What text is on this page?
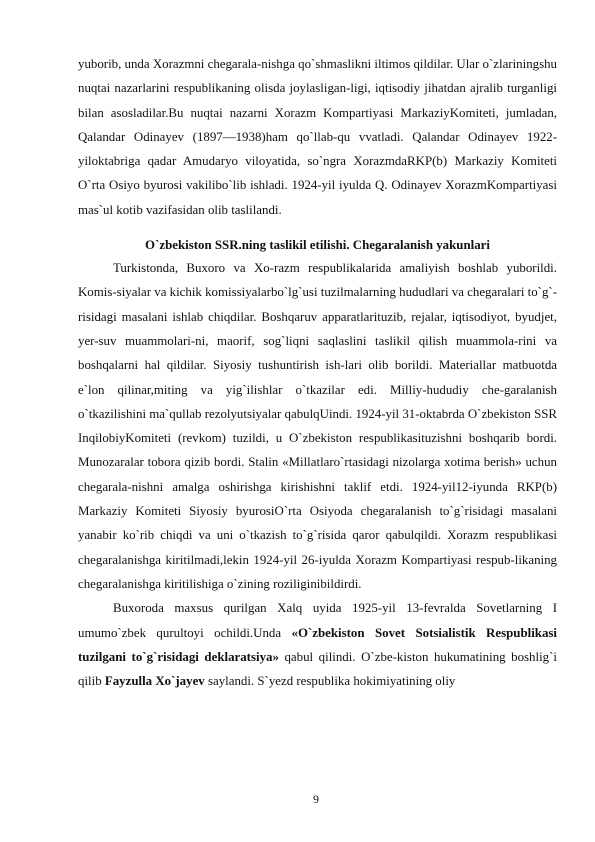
yuborib, unda Xorazmni chegarala-nishga qo`shmaslikni iltimos qildilar. Ular o`zlariningshu nuqtai nazarlarini respublikaning olisda joylasligan-ligi, iqtisodiy jihatdan ajralib turganligi bilan asosladilar.Bu nuqtai nazarni Xorazm Kompartiyasi MarkaziyKomiteti, jumladan, Qalandar Odinayev (1897—1938)ham qo`llab-qu vvatladi. Qalandar Odinayev 1922-yiloktabriga qadar Amudaryo viloyatida, so`ngra XorazmdaRKP(b) Markaziy Komiteti O`rta Osiyo byurosi vakilibo`lib ishladi. 1924-yil iyulda Q. Odinayev XorazmKompartiyasi mas`ul kotib vazifasidan olib taslilandi.

O`zbekiston SSR.ning taslikil etilishi. Chegaralanish yakunlari

Turkistonda, Buxoro va Xo-razm respublikalarida amaliyish boshlab yuborildi. Komis-siyalar va kichik komissiyalarbo`lg`usi tuzilmalarning hududlari va chegaralari to`g`-risidagi masalani ishlab chiqdilar. Boshqaruv apparatlarituzib, rejalar, iqtisodiyot, byudjet, yer-suv muammolari-ni, maorif, sog`liqni saqlaslini taslikil qilish muammola-rini va boshqalarni hal qildilar. Siyosiy tushuntirish ish-lari olib borildi. Materiallar matbuotda e`lon qilinar,miting va yig`ilishlar o`tkazilar edi. Milliy-hududiy che-garalanish o`tkazilishini ma`qullab rezolyutsiyalar qabulqUindi. 1924-yil 31-oktabrda O`zbekiston SSR InqilobiyKomiteti (revkom) tuzildi, u O`zbekiston respublikasituzishni boshqarib bordi. Munozaralar tobora qizib bordi. Stalin «Millatlaro`rtasidagi nizolarga xotima berish» uchun chegarala-nishni amalga oshirishga kirishishni taklif etdi. 1924-yil12-iyunda RKP(b) Markaziy Komiteti Siyosiy byurosiO`rta Osiyoda chegaralanish to`g`risidagi masalani yanabir ko`rib chiqdi va uni o`tkazish to`g`risida qaror qabulqildi. Xorazm respublikasi chegaralanishga kiritilmadi,lekin 1924-yil 26-iyulda Xorazm Kompartiyasi respub-likaning chegaralanishga kiritilishiga o`zining roziliginibildirdi.

Buxoroda maxsus qurilgan Xalq uyida 1925-yil 13-fevralda Sovetlarning I umumo`zbek qurultoyi ochildi.Unda «O`zbekiston Sovet Sotsialistik Respublikasi tuzilgani to`g`risidagi deklaratsiya» qabul qilindi. O`zbe-kiston hukumatining boshlig`i qilib Fayzulla Xo`jayev saylandi. S`yezd respublika hokimiyatining oliy

9
